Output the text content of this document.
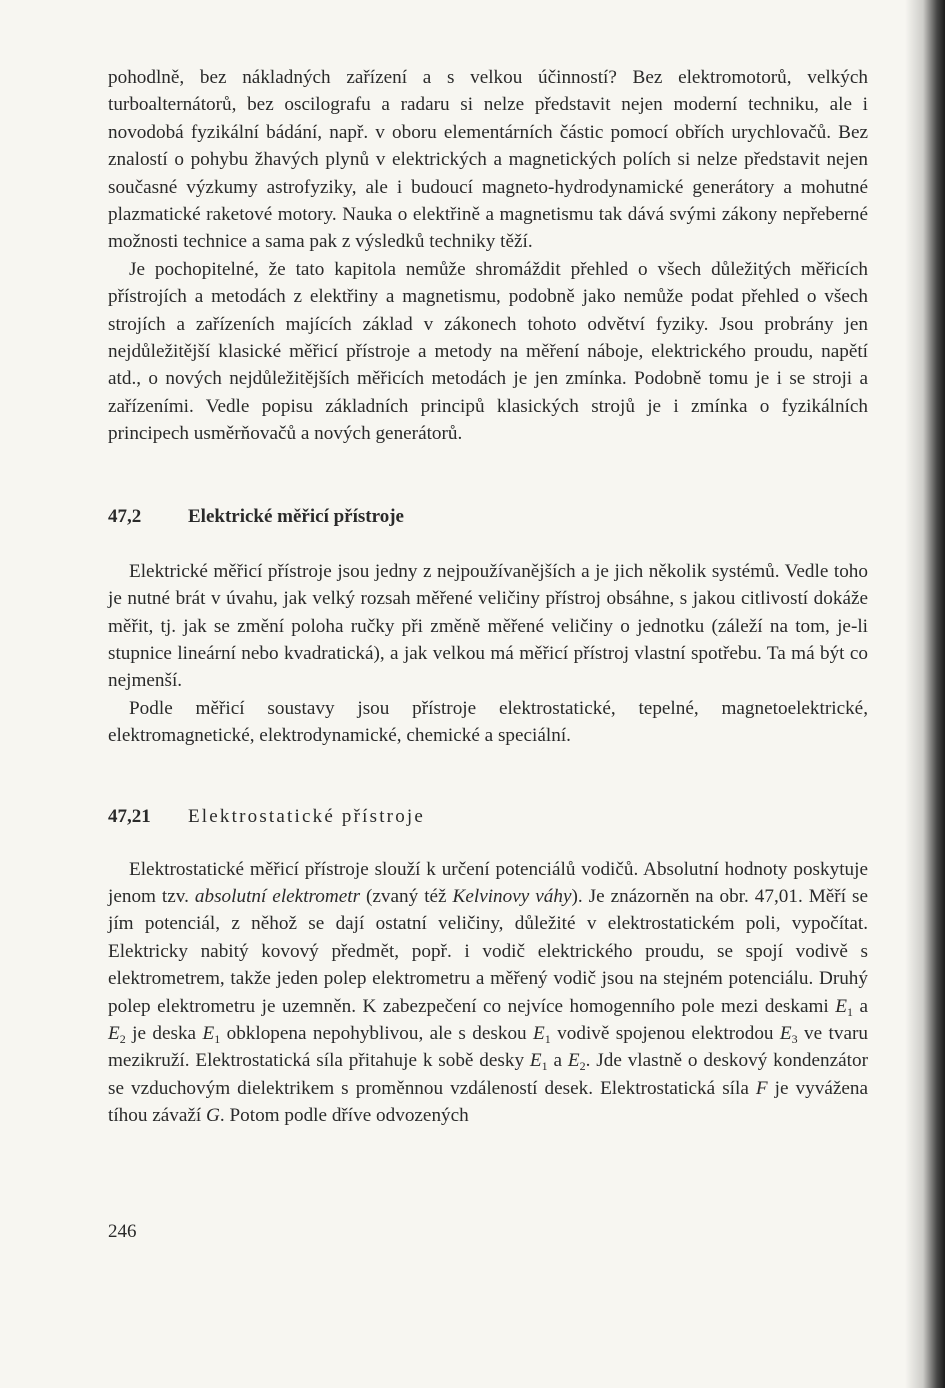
pohodlně, bez nákladných zařízení a s velkou účinností? Bez elektromotorů, velkých turboalternátorů, bez oscilografu a radaru si nelze představit nejen moderní techniku, ale i novodobá fyzikální bádání, např. v oboru elementárních částic pomocí obřích urychlovačů. Bez znalostí o pohybu žhavých plynů v elektrických a magnetických polích si nelze představit nejen současné výzkumy astrofyziky, ale i budoucí magneto-hydrodynamické generátory a mohutné plazmatické raketové motory. Nauka o elektřině a magnetismu tak dává svými zákony nepřeberné možnosti technice a sama pak z výsledků techniky těží.

Je pochopitelné, že tato kapitola nemůže shromáždit přehled o všech důležitých měřicích přístrojích a metodách z elektřiny a magnetismu, podobně jako nemůže podat přehled o všech strojích a zařízeních majících základ v zákonech tohoto odvětví fyziky. Jsou probrány jen nejdůležitější klasické měřicí přístroje a metody na měření náboje, elektrického proudu, napětí atd., o nových nejdůležitějších měřicích metodách je jen zmínka. Podobně tomu je i se stroji a zařízeními. Vedle popisu základních principů klasických strojů je i zmínka o fyzikálních principech usměrňovačů a nových generátorů.

47,2	Elektrické měřicí přístroje

Elektrické měřicí přístroje jsou jedny z nejpoužívanějších a je jich několik systémů. Vedle toho je nutné brát v úvahu, jak velký rozsah měřené veličiny přístroj obsáhne, s jakou citlivostí dokáže měřit, tj. jak se změní poloha ručky při změně měřené veličiny o jednotku (záleží na tom, je-li stupnice lineární nebo kvadratická), a jak velkou má měřicí přístroj vlastní spotřebu. Ta má být co nejmenší.

Podle měřicí soustavy jsou přístroje elektrostatické, tepelné, magnetoelektrické, elektromagnetické, elektrodynamické, chemické a speciální.

47,21	Elektrostatické přístroje

Elektrostatické měřicí přístroje slouží k určení potenciálů vodičů. Absolutní hodnoty poskytuje jenom tzv. absolutní elektrometr (zvaný též Kelvinovy váhy). Je znázorněn na obr. 47,01. Měří se jím potenciál, z něhož se dají ostatní veličiny, důležité v elektrostatickém poli, vypočítat. Elektricky nabitý kovový předmět, popř. i vodič elektrického proudu, se spojí vodivě s elektrometrem, takže jeden polep elektrometru a měřený vodič jsou na stejném potenciálu. Druhý polep elektrometru je uzemněn. K zabezpečení co nejvíce homogenního pole mezi deskami $E_1$ a $E_2$ je deska $E_1$ obklopena nepohyblivou, ale s deskou $E_1$ vodivě spojenou elektrodou $E_3$ ve tvaru mezikruží. Elektrostatická síla přitahuje k sobě desky $E_1$ a $E_2$. Jde vlastně o deskový kondenzátor se vzduchovým dielektrikem s proměnnou vzdáleností desek. Elektrostatická síla F je vyvážena tíhou závaží G. Potom podle dříve odvozených

246
